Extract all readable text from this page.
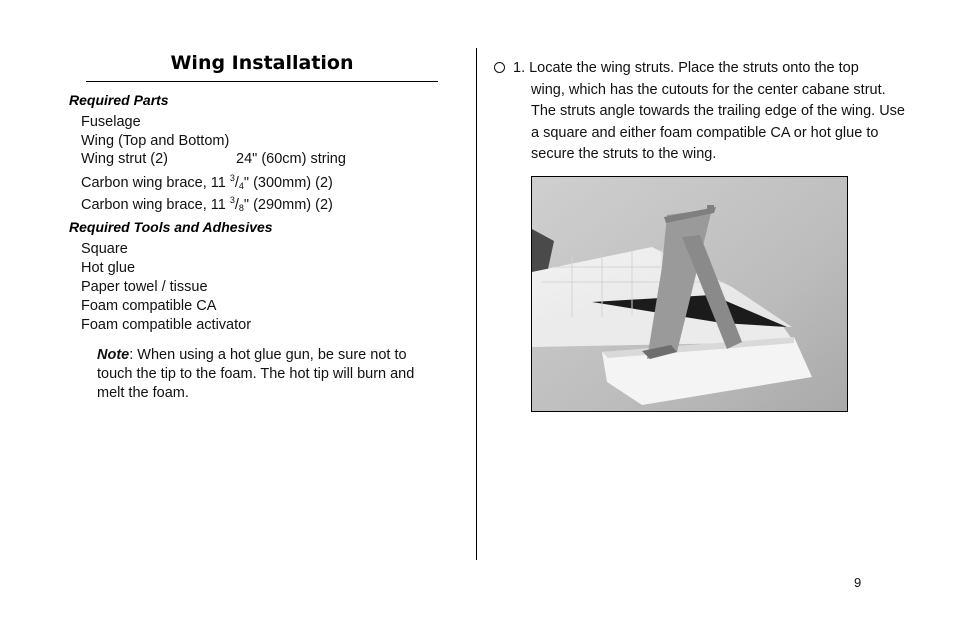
Wing Installation
Required Parts
Fuselage
Wing (Top and Bottom)
Wing strut (2)	24" (60cm) string
Carbon wing brace, 11 $^3/_4$" (300mm) (2)
Carbon wing brace, 11 $^3/_8$" (290mm) (2)
Required Tools and Adhesives
Square
Hot glue
Paper towel / tissue
Foam compatible CA
Foam compatible activator
Note: When using a hot glue gun, be sure not to touch the tip to the foam. The hot tip will burn and melt the foam.
1. Locate the wing struts. Place the struts onto the top
wing, which has the cutouts for the center cabane strut. The struts angle towards the trailing edge of the wing. Use a square and either foam compatible CA or hot glue to secure the struts to the wing.
9
